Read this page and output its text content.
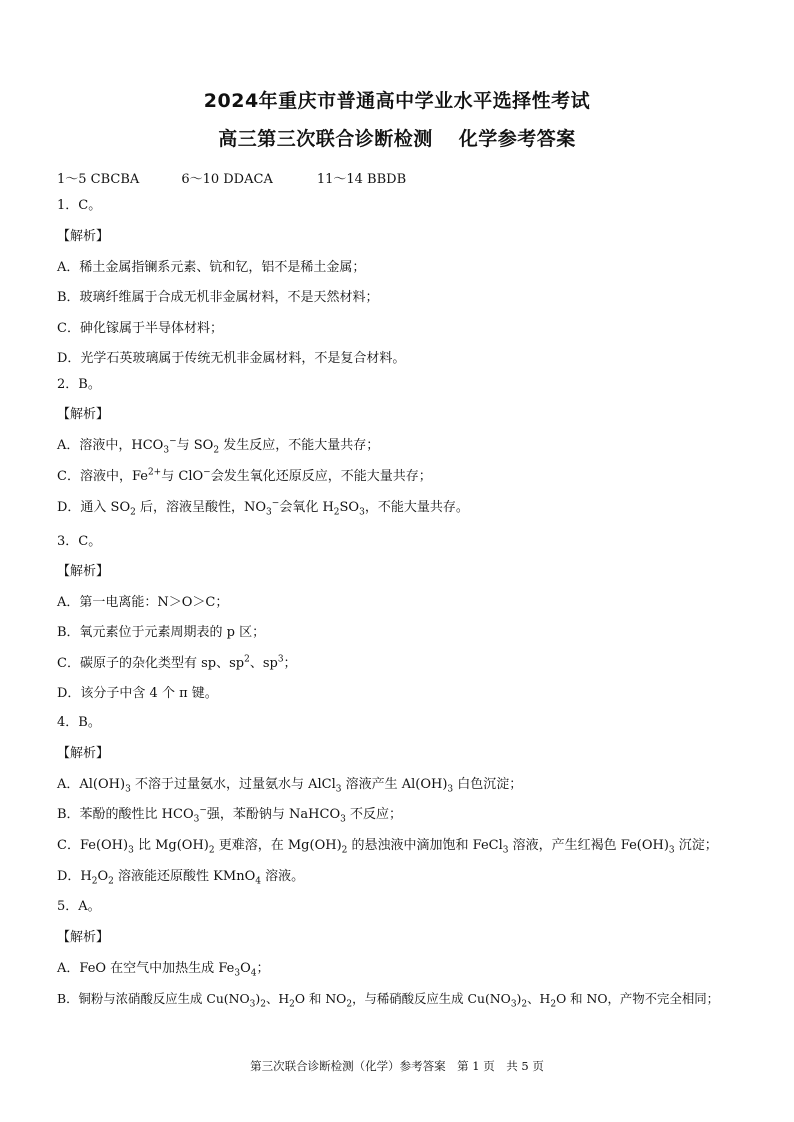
2024年重庆市普通高中学业水平选择性考试
高三第三次联合诊断检测 化学参考答案
1～5 CBCBA	6～10 DDACA	11～14 BBDB
1．C。
【解析】
A．稀土金属指镧系元素、钪和钇，铝不是稀土金属；
B．玻璃纤维属于合成无机非金属材料，不是天然材料；
C．砷化镓属于半导体材料；
D．光学石英玻璃属于传统无机非金属材料，不是复合材料。
2．B。
【解析】
A．溶液中，$HCO_3^-$与 $SO_2$ 发生反应，不能大量共存；
C．溶液中，$Fe^{2+}$与 ClO−会发生氧化还原反应，不能大量共存；
D．通入 $SO_2$ 后，溶液呈酸性，$NO_3^-$会氧化 $H_2SO_3$，不能大量共存。
3．C。
【解析】
A．第一电离能：N＞O＞C；
B．氧元素位于元素周期表的 p 区；
C．碳原子的杂化类型有 sp、$sp^2$、$sp^3$；
D．该分子中含 4 个 π 键。
4．B。
【解析】
A．$Al(OH)_3$ 不溶于过量氨水，过量氨水与 AlCl$_3$ 溶液产生 $Al(OH)_3$ 白色沉淀；
B．苯酚的酸性比 $HCO_3^-$强，苯酚钠与 NaHCO$_3$ 不反应；
C．$Fe(OH)_3$ 比 $Mg(OH)_2$ 更难溶，在 $Mg(OH)_2$ 的悬浊液中滴加饱和 FeCl$_3$ 溶液，产生红褐色 $Fe(OH)_3$ 沉淀；
D．$H_2O_2$ 溶液能还原酸性 KMnO$_4$ 溶液。
5．A。
【解析】
A．FeO 在空气中加热生成 $Fe_3O_4$；
B．铜粉与浓硝酸反应生成 $Cu(NO_3)_2$、$H_2O$ 和 $NO_2$，与稀硝酸反应生成 $Cu(NO_3)_2$、$H_2O$ 和 NO，产物不完全相同；
第三次联合诊断检测（化学）参考答案　第 1 页　共 5 页
